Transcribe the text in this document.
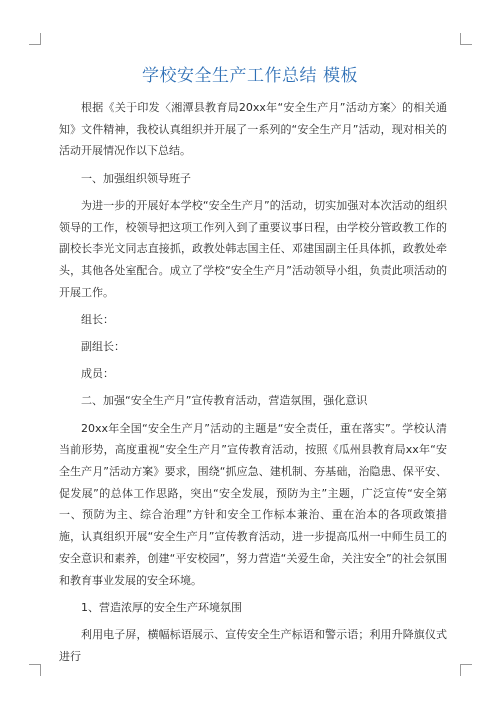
学校安全生产工作总结 模板

根据《关于印发〈湘潭县教育局20xx年“安全生产月”活动方案〉的相关通知》文件精神，我校认真组织并开展了一系列的“安全生产月”活动，现对相关的活动开展情况作以下总结。

一、加强组织领导班子

为进一步的开展好本学校“安全生产月”的活动，切实加强对本次活动的组织领导的工作，校领导把这项工作列入到了重要议事日程，由学校分管政教工作的副校长李光文同志直接抓，政教处韩志国主任、邓建国副主任具体抓，政教处牵头，其他各处室配合。成立了学校“安全生产月”活动领导小组，负责此项活动的开展工作。

组长：

副组长：

成员：

二、加强“安全生产月”宣传教育活动，营造氛围，强化意识

20xx年全国“安全生产月”活动的主题是“安全责任，重在落实”。学校认清当前形势，高度重视“安全生产月”宣传教育活动，按照《瓜州县教育局xx年“安全生产月”活动方案》要求，围绕“抓应急、建机制、夯基础，治隐患、保平安、促发展”的总体工作思路，突出“安全发展，预防为主”主题，广泛宣传“安全第一、预防为主、综合治理”方针和安全工作标本兼治、重在治本的各项政策措施，认真组织开展“安全生产月”宣传教育活动，进一步提高瓜州一中师生员工的安全意识和素养，创建“平安校园”，努力营造“关爱生命，关注安全”的社会氛围和教育事业发展的安全环境。

1、营造浓厚的安全生产环境氛围

利用电子屏，横幅标语展示、宣传安全生产标语和警示语；利用升降旗仪式进行
